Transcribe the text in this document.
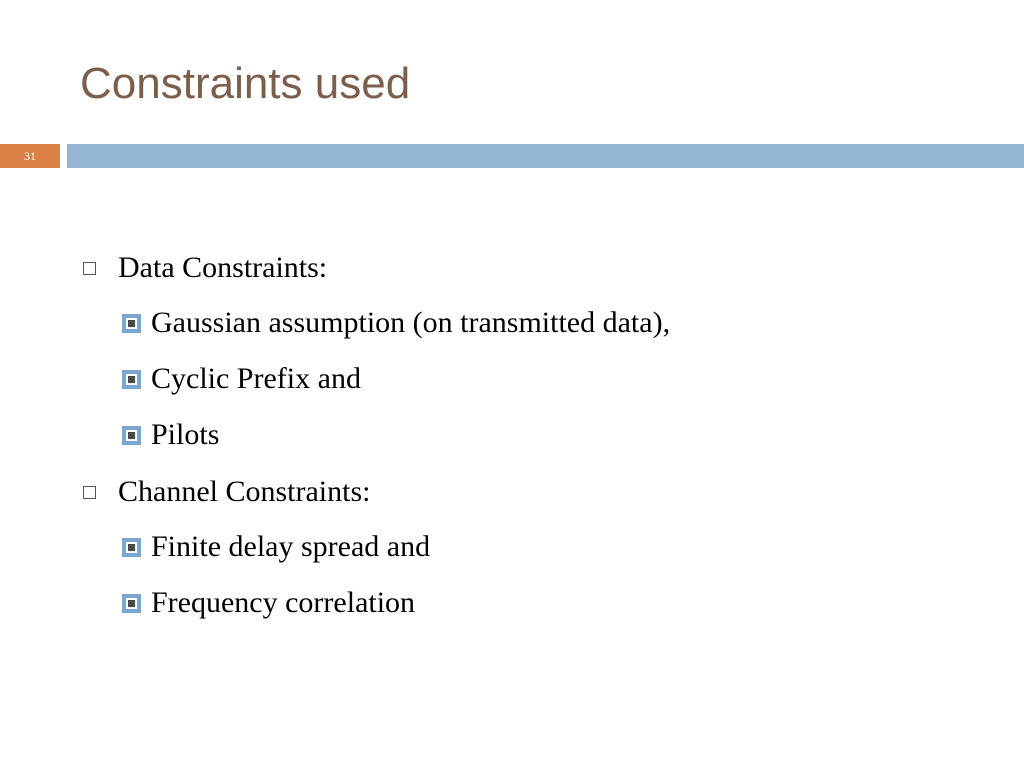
Constraints used
31
Data Constraints:
Gaussian assumption (on transmitted data),
Cyclic Prefix and
Pilots
Channel Constraints:
Finite delay spread and
Frequency correlation
